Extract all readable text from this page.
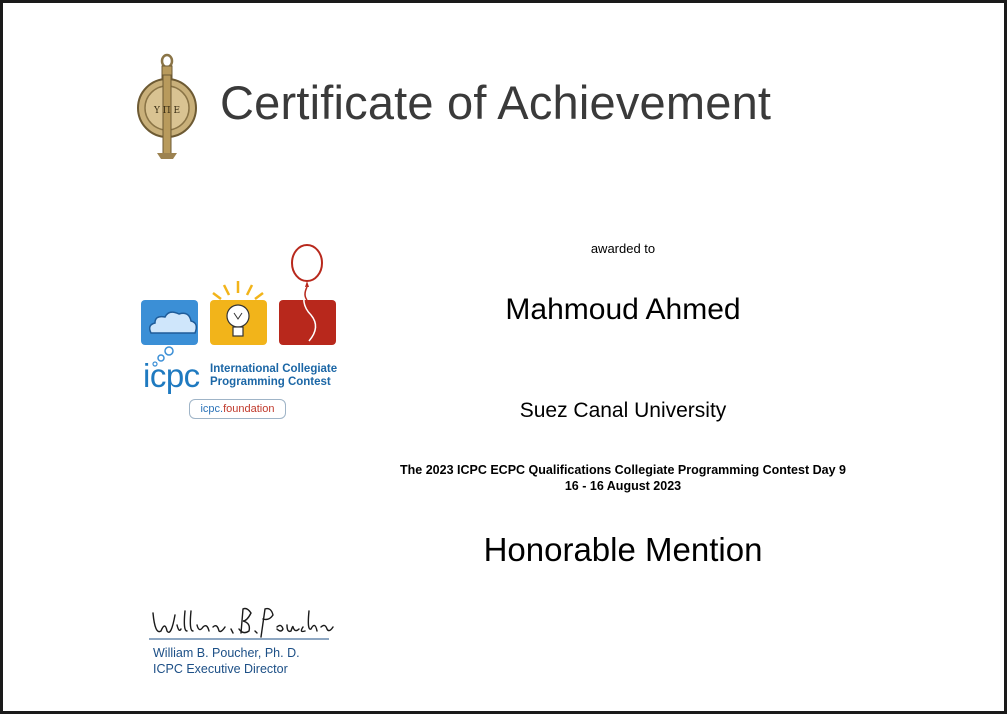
Υ Π Ε Certificate of Achievement
icpc International Collegiate
Programming Contest
icpc.foundation
awarded to
Mahmoud Ahmed
Suez Canal University
The 2023 ICPC ECPC Qualifications Collegiate Programming Contest Day 9
16 - 16 August 2023
Honorable Mention
William B. Poucher, Ph. D.
ICPC Executive Director
